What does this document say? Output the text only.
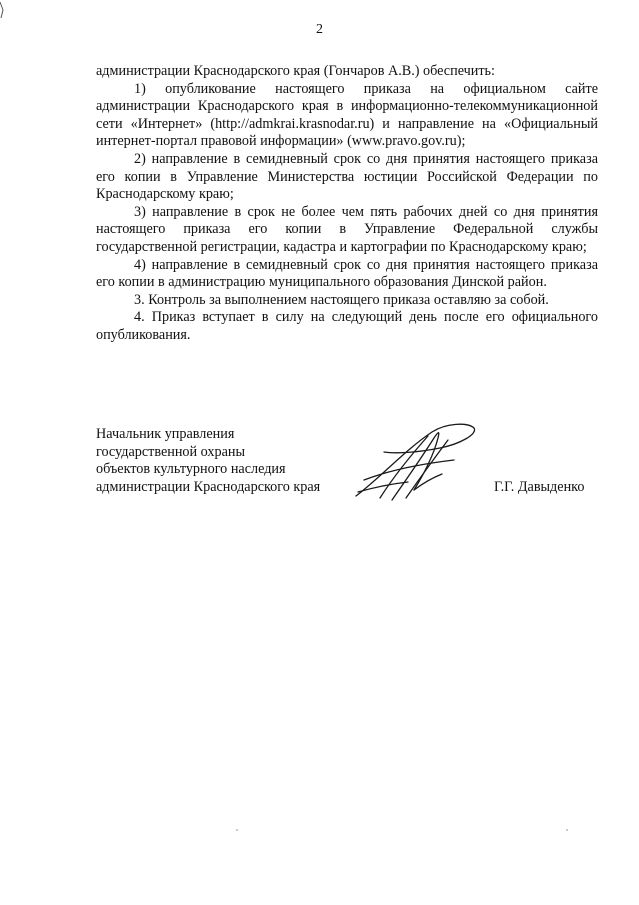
2

администрации Краснодарского края (Гончаров А.В.) обеспечить:

1) опубликование настоящего приказа на официальном сайте администрации Краснодарского края в информационно-телекоммуникационной сети «Интернет» (http://admkrai.krasnodar.ru) и направление на «Официальный интернет-портал правовой информации» (www.pravo.gov.ru);

2) направление в семидневный срок со дня принятия настоящего приказа его копии в Управление Министерства юстиции Российской Федерации по Краснодарскому краю;

3) направление в срок не более чем пять рабочих дней со дня принятия настоящего приказа его копии в Управление Федеральной службы государственной регистрации, кадастра и картографии по Краснодарскому краю;

4) направление в семидневный срок со дня принятия настоящего приказа его копии в администрацию муниципального образования Динской район.

3. Контроль за выполнением настоящего приказа оставляю за собой.

4. Приказ вступает в силу на следующий день после его официального опубликования.

Начальник управления
государственной охраны
объектов культурного наследия
администрации Краснодарского края	Г.Г. Давыденко
